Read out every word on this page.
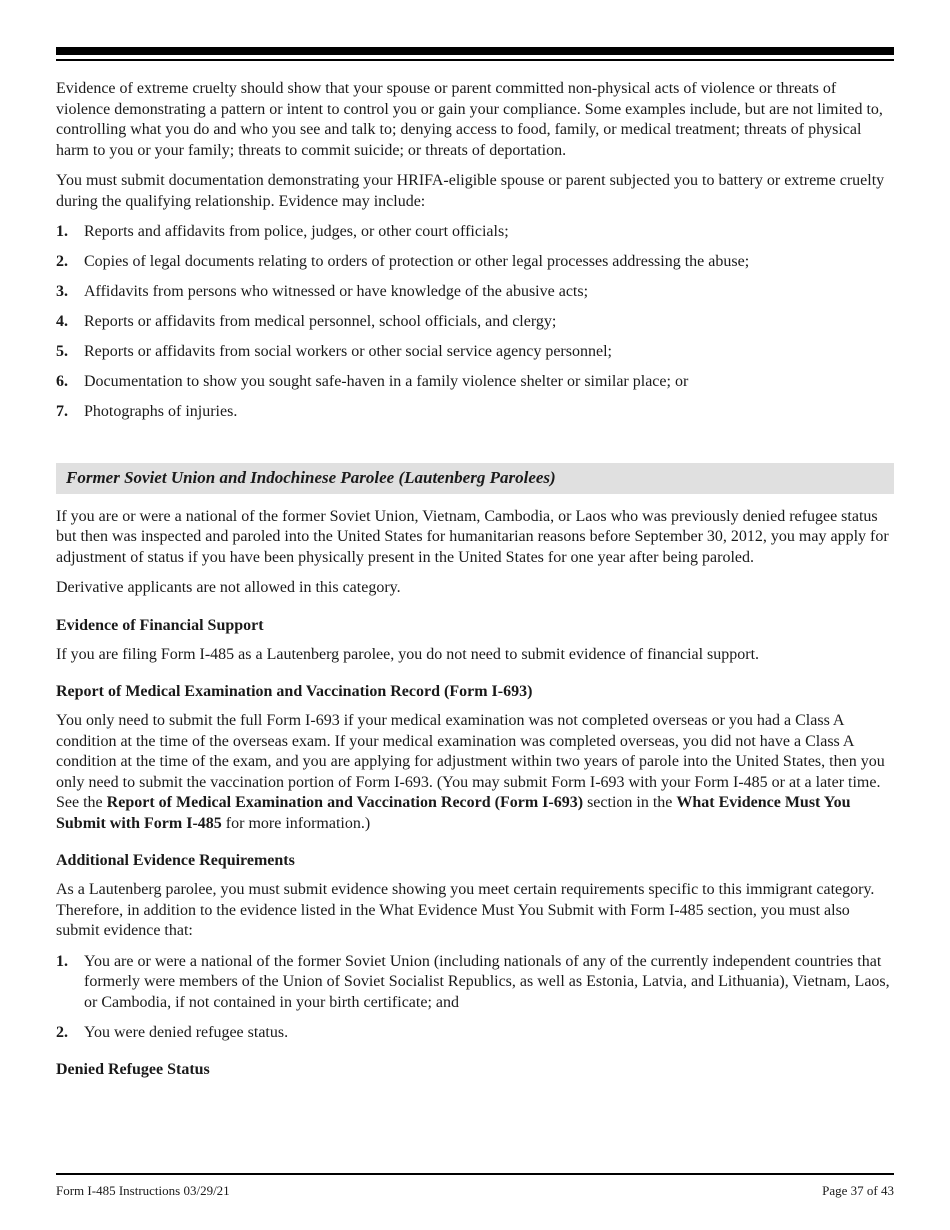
Evidence of extreme cruelty should show that your spouse or parent committed non-physical acts of violence or threats of violence demonstrating a pattern or intent to control you or gain your compliance. Some examples include, but are not limited to, controlling what you do and who you see and talk to; denying access to food, family, or medical treatment; threats of physical harm to you or your family; threats to commit suicide; or threats of deportation.

You must submit documentation demonstrating your HRIFA-eligible spouse or parent subjected you to battery or extreme cruelty during the qualifying relationship. Evidence may include:

1.	Reports and affidavits from police, judges, or other court officials;
2.	Copies of legal documents relating to orders of protection or other legal processes addressing the abuse;
3.	Affidavits from persons who witnessed or have knowledge of the abusive acts;
4.	Reports or affidavits from medical personnel, school officials, and clergy;
5.	Reports or affidavits from social workers or other social service agency personnel;
6.	Documentation to show you sought safe-haven in a family violence shelter or similar place; or
7.	Photographs of injuries.
Former Soviet Union and Indochinese Parolee (Lautenberg Parolees)

If you are or were a national of the former Soviet Union, Vietnam, Cambodia, or Laos who was previously denied refugee status but then was inspected and paroled into the United States for humanitarian reasons before September 30, 2012, you may apply for adjustment of status if you have been physically present in the United States for one year after being paroled.

Derivative applicants are not allowed in this category.

Evidence of Financial Support

If you are filing Form I-485 as a Lautenberg parolee, you do not need to submit evidence of financial support.

Report of Medical Examination and Vaccination Record (Form I-693)

You only need to submit the full Form I-693 if your medical examination was not completed overseas or you had a Class A condition at the time of the overseas exam. If your medical examination was completed overseas, you did not have a Class A condition at the time of the exam, and you are applying for adjustment within two years of parole into the United States, then you only need to submit the vaccination portion of Form I-693. (You may submit Form I-693 with your Form I-485 or at a later time. See the Report of Medical Examination and Vaccination Record (Form I-693) section in the What Evidence Must You Submit with Form I-485 for more information.)

Additional Evidence Requirements

As a Lautenberg parolee, you must submit evidence showing you meet certain requirements specific to this immigrant category. Therefore, in addition to the evidence listed in the What Evidence Must You Submit with Form I-485 section, you must also submit evidence that:

1.	You are or were a national of the former Soviet Union (including nationals of any of the currently independent countries that formerly were members of the Union of Soviet Socialist Republics, as well as Estonia, Latvia, and Lithuania), Vietnam, Laos, or Cambodia, if not contained in your birth certificate; and
2.	You were denied refugee status.
Denied Refugee Status
Form I-485 Instructions 03/29/21	Page 37 of 43
